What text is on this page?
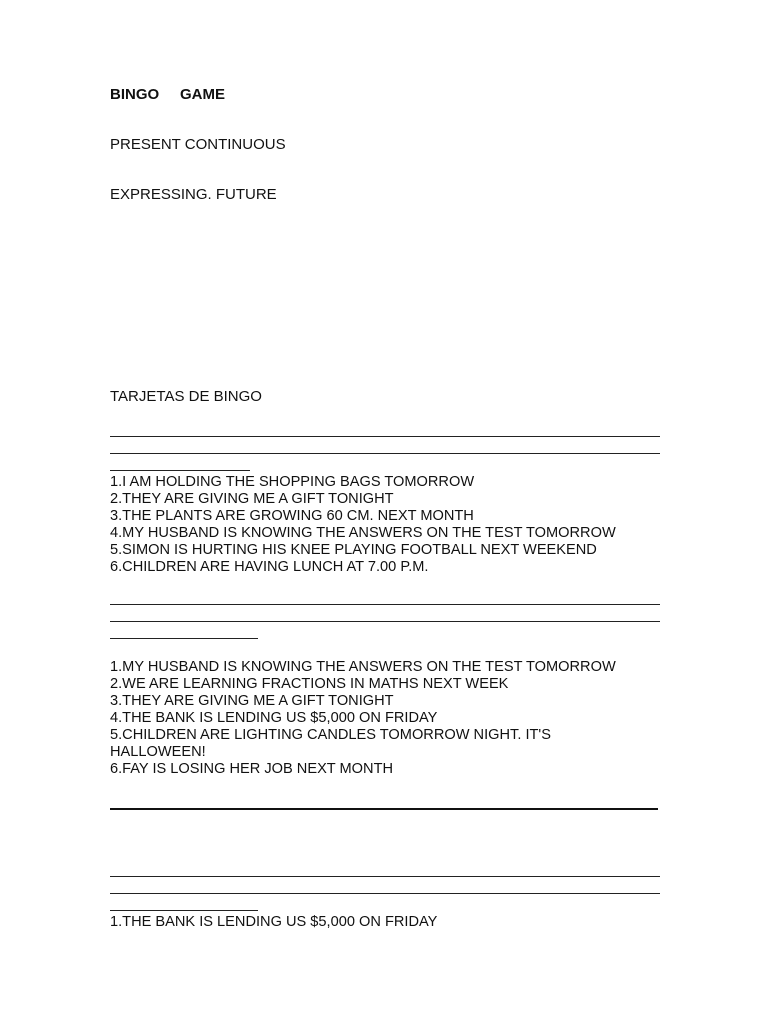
BINGO     GAME
PRESENT CONTINUOUS
EXPRESSING. FUTURE
TARJETAS DE BINGO
1.I AM HOLDING THE SHOPPING BAGS TOMORROW
2.THEY ARE GIVING ME A GIFT TONIGHT
3.THE PLANTS ARE GROWING 60 CM. NEXT MONTH
4.MY HUSBAND IS KNOWING THE ANSWERS ON THE TEST TOMORROW
5.SIMON IS HURTING HIS KNEE PLAYING FOOTBALL NEXT WEEKEND
6.CHILDREN ARE HAVING LUNCH AT 7.00 P.M.
1.MY HUSBAND IS KNOWING THE ANSWERS ON THE TEST TOMORROW
2.WE ARE LEARNING FRACTIONS IN MATHS NEXT WEEK
3.THEY ARE GIVING ME A GIFT TONIGHT
4.THE BANK IS LENDING US $5,000 ON FRIDAY
5.CHILDREN ARE LIGHTING CANDLES TOMORROW NIGHT. IT'S HALLOWEEN!
6.FAY IS LOSING HER JOB NEXT MONTH
1.THE BANK IS LENDING US $5,000 ON FRIDAY
